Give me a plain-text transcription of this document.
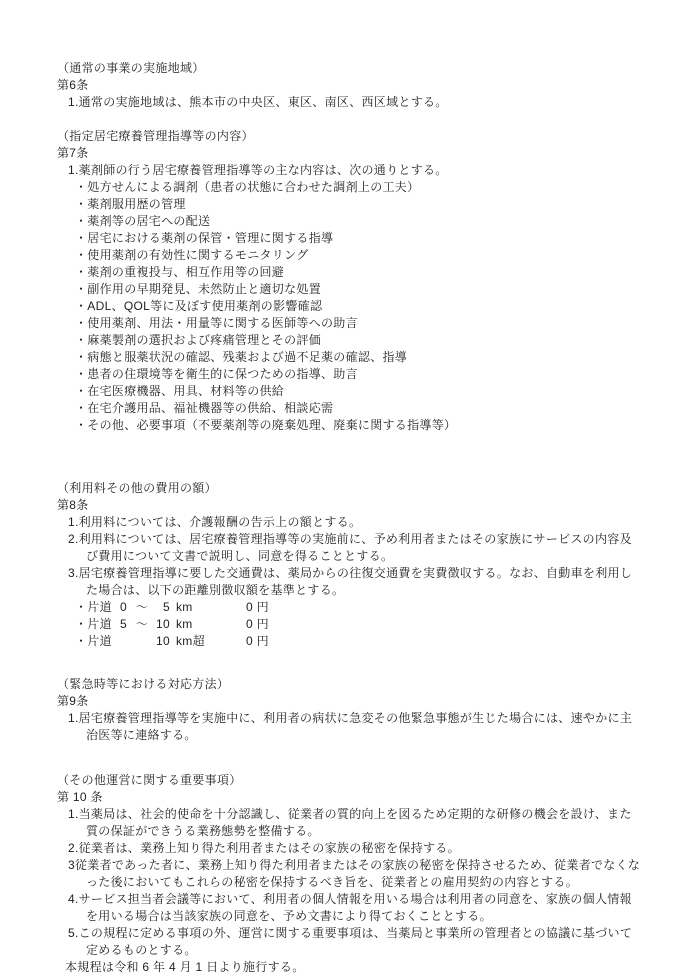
（通常の事業の実施地域）
第6条
1.通常の実施地域は、熊本市の中央区、東区、南区、西区域とする。
（指定居宅療養管理指導等の内容）
第7条
1.薬剤師の行う居宅療養管理指導等の主な内容は、次の通りとする。
・処方せんによる調剤（患者の状態に合わせた調剤上の工夫）
・薬剤服用歴の管理
・薬剤等の居宅への配送
・居宅における薬剤の保管・管理に関する指導
・使用薬剤の有効性に関するモニタリング
・薬剤の重複投与、相互作用等の回避
・副作用の早期発見、未然防止と適切な処置
・ADL、QOL等に及ぼす使用薬剤の影響確認
・使用薬剤、用法・用量等に関する医師等への助言
・麻薬製剤の選択および疼痛管理とその評価
・病態と服薬状況の確認、残薬および過不足薬の確認、指導
・患者の住環境等を衛生的に保つための指導、助言
・在宅医療機器、用具、材料等の供給
・在宅介護用品、福祉機器等の供給、相談応需
・その他、必要事項（不要薬剤等の廃棄処理、廃棄に関する指導等）
（利用料その他の費用の額）
第8条
1.利用料については、介護報酬の告示上の額とする。
2.利用料については、居宅療養管理指導等の実施前に、予め利用者またはその家族にサービスの内容及び費用について文書で説明し、同意を得ることとする。
3.居宅療養管理指導に要した交通費は、薬局からの往復交通費を実費徴収する。なお、自動車を利用した場合は、以下の距離別徴収額を基準とする。
・片道 0 ～	5 km	0 円
・片道 5 ～ 10 km	0 円
・片道	10 km超	0 円
（緊急時等における対応方法）
第9条
1.居宅療養管理指導等を実施中に、利用者の病状に急変その他緊急事態が生じた場合には、速やかに主治医等に連絡する。
（その他運営に関する重要事項）
第 10 条
1.当薬局は、社会的使命を十分認識し、従業者の質的向上を図るため定期的な研修の機会を設け、また質の保証ができうる業務態勢を整備する。
2.従業者は、業務上知り得た利用者またはその家族の秘密を保持する。
3従業者であった者に、業務上知り得た利用者またはその家族の秘密を保持させるため、従業者でなくなった後においてもこれらの秘密を保持するべき旨を、従業者との雇用契約の内容とする。
4.サービス担当者会議等において、利用者の個人情報を用いる場合は利用者の同意を、家族の個人情報を用いる場合は当該家族の同意を、予め文書により得ておくこととする。
5.この規程に定める事項の外、運営に関する重要事項は、当薬局と事業所の管理者との協議に基づいて定めるものとする。
本規程は令和 6 年 4 月 1 日より施行する。
